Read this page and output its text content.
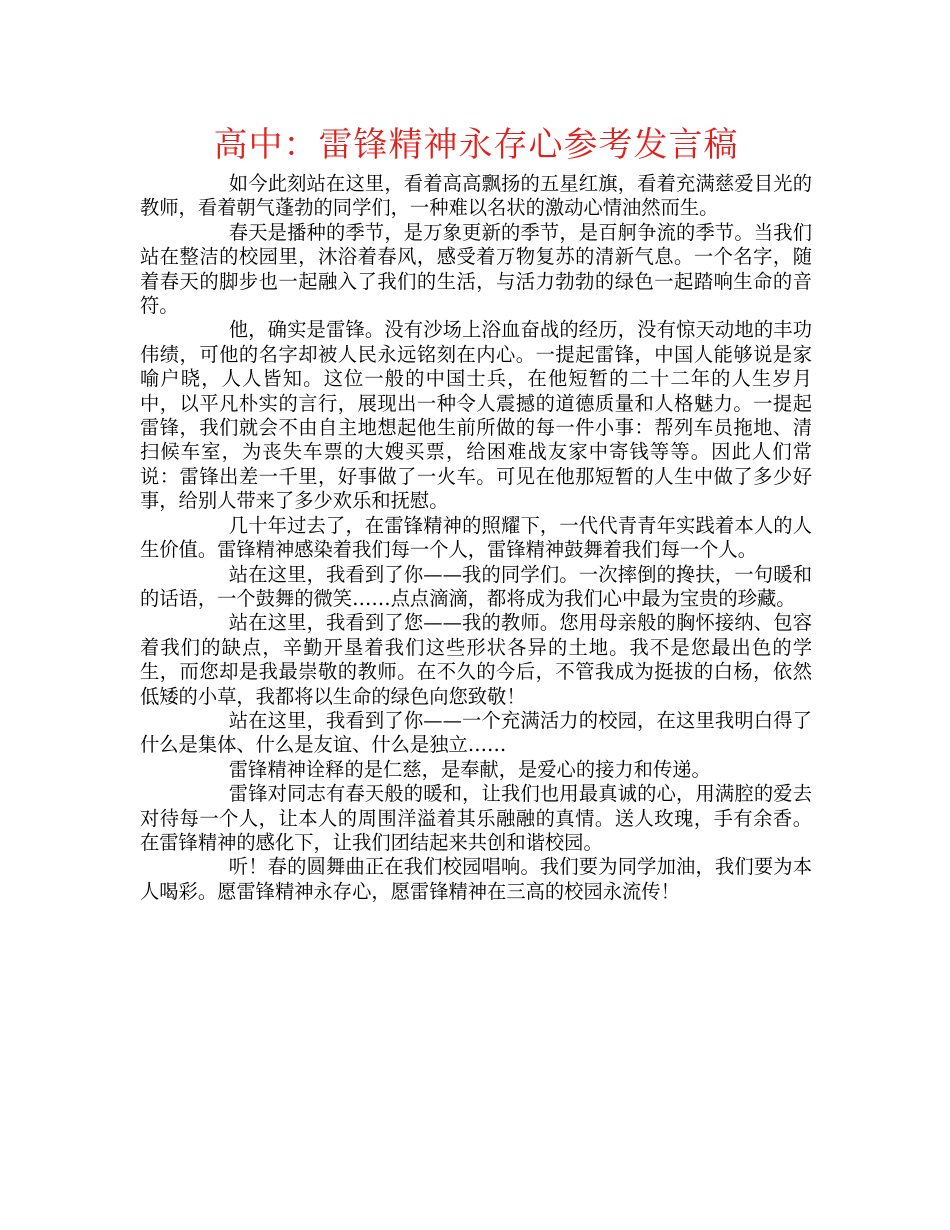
高中：雷锋精神永存心参考发言稿

如今此刻站在这里，看着高高飘扬的五星红旗，看着充满慈爱目光的教师，看着朝气蓬勃的同学们，一种难以名状的激动心情油然而生。

春天是播种的季节，是万象更新的季节，是百舸争流的季节。当我们站在整洁的校园里，沐浴着春风，感受着万物复苏的清新气息。一个名字，随着春天的脚步也一起融入了我们的生活，与活力勃勃的绿色一起踏响生命的音符。

他，确实是雷锋。没有沙场上浴血奋战的经历，没有惊天动地的丰功伟绩，可他的名字却被人民永远铭刻在内心。一提起雷锋，中国人能够说是家喻户晓，人人皆知。这位一般的中国士兵，在他短暂的二十二年的人生岁月中，以平凡朴实的言行，展现出一种令人震撼的道德质量和人格魅力。一提起雷锋，我们就会不由自主地想起他生前所做的每一件小事：帮列车员拖地、清扫候车室，为丧失车票的大嫂买票，给困难战友家中寄钱等等。因此人们常说：雷锋出差一千里，好事做了一火车。可见在他那短暂的人生中做了多少好事，给别人带来了多少欢乐和抚慰。

几十年过去了，在雷锋精神的照耀下，一代代青青年实践着本人的人生价值。雷锋精神感染着我们每一个人，雷锋精神鼓舞着我们每一个人。

站在这里，我看到了你——我的同学们。一次摔倒的搀扶，一句暖和的话语，一个鼓舞的微笑……点点滴滴，都将成为我们心中最为宝贵的珍藏。

站在这里，我看到了您——我的教师。您用母亲般的胸怀接纳、包容着我们的缺点，辛勤开垦着我们这些形状各异的土地。我不是您最出色的学生，而您却是我最崇敬的教师。在不久的今后，不管我成为挺拔的白杨，依然低矮的小草，我都将以生命的绿色向您致敬！

站在这里，我看到了你——一个充满活力的校园，在这里我明白得了什么是集体、什么是友谊、什么是独立……

雷锋精神诠释的是仁慈，是奉献，是爱心的接力和传递。

雷锋对同志有春天般的暖和，让我们也用最真诚的心，用满腔的爱去对待每一个人，让本人的周围洋溢着其乐融融的真情。送人玫瑰，手有余香。在雷锋精神的感化下，让我们团结起来共创和谐校园。

听！春的圆舞曲正在我们校园唱响。我们要为同学加油，我们要为本人喝彩。愿雷锋精神永存心，愿雷锋精神在三高的校园永流传！
